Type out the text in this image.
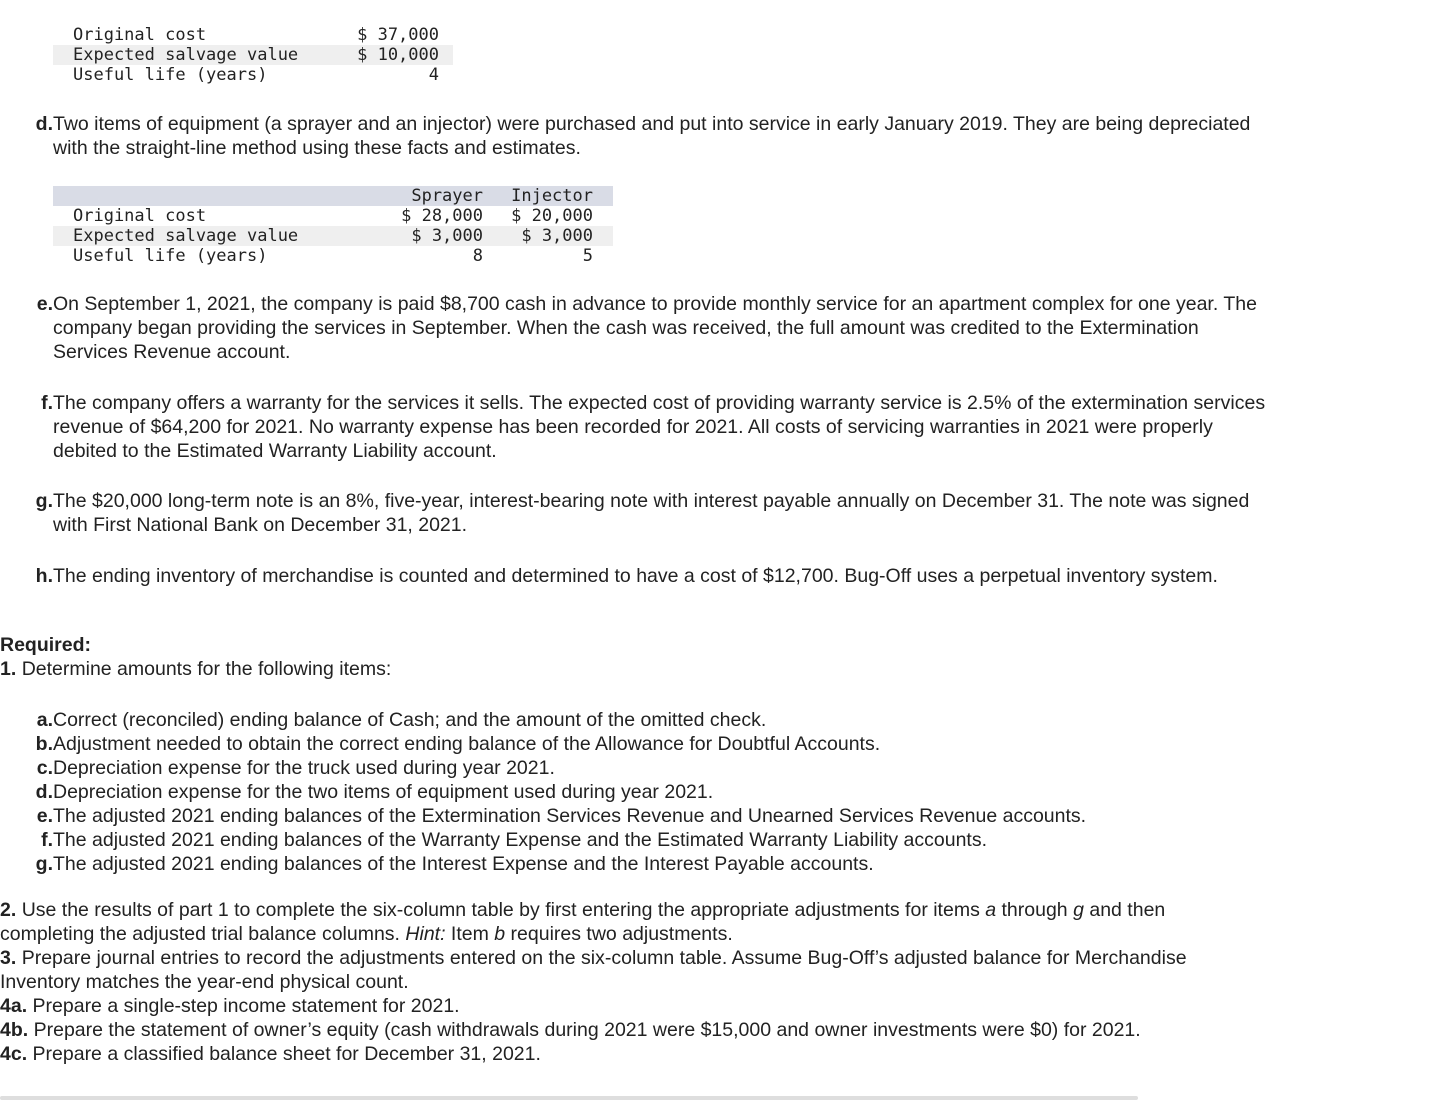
Original cost	$ 37,000
Expected salvage value	$ 10,000
Useful life (years)	4
d. Two items of equipment (a sprayer and an injector) were purchased and put into service in early January 2019. They are being depreciated with the straight-line method using these facts and estimates.
	Sprayer	Injector
Original cost	$ 28,000	$ 20,000
Expected salvage value	$ 3,000	$ 3,000
Useful life (years)	8	5
e. On September 1, 2021, the company is paid $8,700 cash in advance to provide monthly service for an apartment complex for one year. The company began providing the services in September. When the cash was received, the full amount was credited to the Extermination Services Revenue account.
f. The company offers a warranty for the services it sells. The expected cost of providing warranty service is 2.5% of the extermination services revenue of $64,200 for 2021. No warranty expense has been recorded for 2021. All costs of servicing warranties in 2021 were properly debited to the Estimated Warranty Liability account.
g. The $20,000 long-term note is an 8%, five-year, interest-bearing note with interest payable annually on December 31. The note was signed with First National Bank on December 31, 2021.
h. The ending inventory of merchandise is counted and determined to have a cost of $12,700. Bug-Off uses a perpetual inventory system.
Required:
1. Determine amounts for the following items:
a. Correct (reconciled) ending balance of Cash; and the amount of the omitted check.
b. Adjustment needed to obtain the correct ending balance of the Allowance for Doubtful Accounts.
c. Depreciation expense for the truck used during year 2021.
d. Depreciation expense for the two items of equipment used during year 2021.
e. The adjusted 2021 ending balances of the Extermination Services Revenue and Unearned Services Revenue accounts.
f. The adjusted 2021 ending balances of the Warranty Expense and the Estimated Warranty Liability accounts.
g. The adjusted 2021 ending balances of the Interest Expense and the Interest Payable accounts.
2. Use the results of part 1 to complete the six-column table by first entering the appropriate adjustments for items a through g and then completing the adjusted trial balance columns. Hint: Item b requires two adjustments.
3. Prepare journal entries to record the adjustments entered on the six-column table. Assume Bug-Off’s adjusted balance for Merchandise Inventory matches the year-end physical count.
4a. Prepare a single-step income statement for 2021.
4b. Prepare the statement of owner’s equity (cash withdrawals during 2021 were $15,000 and owner investments were $0) for 2021.
4c. Prepare a classified balance sheet for December 31, 2021.
